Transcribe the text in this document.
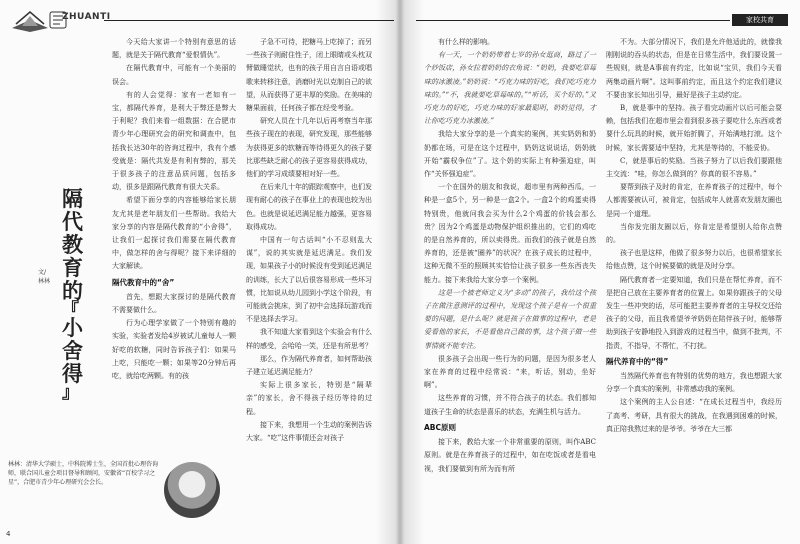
ZHUANTI

今天给大家讲一个特别有意思的话题，就是关于隔代教育“爱恨情仇”。

在隔代教育中，可能有一个美丽的误会。

有的人会觉得：家有一老如有一宝，都隔代养育，是利大于弊还是弊大于利呢？我们来看一组数据：在合肥市青少年心理研究会的研究和调查中，包括我长达30年的咨询过程中，我有个感受就是：隔代共发是有利有弊的，那关于很多孩子的注意品质问题，包括多动，很多是跟隔代教育有很大关系。

希望下面分享的内容能够给家长朋友尤其是老年朋友们一些帮助。我给大家分享的内容是隔代教育的“小舍得”，让我们一起探讨我们需要在隔代教育中，做怎样的舍与得呢？接下来详细的大家解读。

隔代教育中的“舍”

首先，想跟大家探讨的是隔代教育不需要做什么。

行为心理学家做了一个特别有趣的实验，实验者发给4岁被试儿童每人一颗好吃的软糖，同时告诉孩子们：如果马上吃，只能吃一颗；如果等20分钟后再吃，就给吃两颗。有的孩

子急不可待，把糖马上吃掉了；而另一些孩子则耐住性子，闭上眼睛或头枕双臂做睡觉状，也有的孩子用自言自语或唱歌来转移注意，消磨时光以克制自己的欲望，从而获得了更丰厚的奖励。在美味的糖果面前，任何孩子都在经受考验。

研究人员在十几年以后再考察当年那些孩子现在的表现，研究发现，那些能够为获得更多的软糖而等待得更久的孩子要比那些缺乏耐心的孩子更容易获得成功，他们的学习成绩要相对好一些。

在后来几十年的跟踪观察中，也们发现有耐心的孩子在事业上的表现也较为出色。也就是说延迟满足能力越强，更容易取得成功。

中国有一句古话叫“小不忍则乱大谋”，说的其实就是延迟满足。我们发现，如果孩子小的时候没有受到延迟满足的训练，长大了以后很容易形成一些坏习惯，比如说从幼儿园到小学这个阶段，有可能就会挑床，到了初中会选择玩游戏而不是选择去学习。

我不知道大家看到这个实验会有什么样的感受，会哈哈一笑，还是有所思考？

那么，作为隔代养育者，如何帮助孩子建立延迟满足能力？

实际上很多家长，特别是“隔辈亲”的家长，舍不得孩子经历等待的过程。

接下来，我想用一个生动的案例告诉大家。“吃”这件事情还会对孩子

隔
代
教
育
的
『
小
舍
得
』
文/林林
林林：清华大学硕士，中科院博士生，全国首批心理咨询师，联合国儿童会项目督导和顾问，安徽省“百校学习之星”，合肥市青少年心理研究会会长。
4
家校共育

有什么样的影响。

有一天，一个奶奶带着七岁的孙女逛商，路过了一个炒饭店，孙女拉着奶奶的衣角说：“奶奶，我要吃草莓味的冰激凌。”奶奶说：“巧克力味的好吃，我们吃巧克力味的。”“不，我就要吃草莓味的。”“听话，买个好的。”又巧克力的好吃，巧克力味的好家最聪明，奶奶觉得，才让你吃巧克力冰激凌。”

我给大家分享的是一个真实的案例，其实奶奶和奶奶都在场，可是在这个过程中，奶奶这说说话，奶奶就开始“霸权争位”了。这个奶的实际上有种强迫症，叫作“关怀强迫症”。

一个在国外的朋友和我说，超市里有两种西瓜，一种是一盒5个，另一种是一盒2个。一盒2个的鸡蛋卖得特别贵，他就问我会买为什么2个鸡蛋的价钱会那么贵？因为2个鸡蛋是动物保护组织推出的，它们的鸡吃的是自然养育的，所以卖得贵。而我们的孩子就是自然养育的，还是被“圈养”的状况？在孩子成长的过程中，这种无微不至的照顾其实恰恰让孩子很多一些东西丧失能力。接下来我给大家分享一个案例。

这是一个被老师定义为“多动”的孩子，我给这个孩子在做注意测评的过程中，发现这个孩子是有一个很重要的问题，是什么呢？就是孩子在做事的过程中，老是爱看他的家长，不是看他自己做的事，这个孩子做一些事情就不能专注。

很多孩子会出现一些行为的问题，是因为很多老人家在养育的过程中经常说：“来，听话，别动，坐好啊”。

这些养育的习惯，并不符合孩子的状态。我们都知道孩子生命的状态是喜乐的状态，充满生机与活力。

ABC原则

接下来，教给大家一个非常重要的原则，叫作ABC原则。就是在养育孩子的过程中，如在吃饭或者是看电视，我们要做到有所为而有所

不为。大部分情况下，我们是允许他适此的，就像我刚刚说的吞头的状态，但是在日常生活中，我们要设置一些规则，就是A事前有约定，比如说“宝贝，我们今天看两集动画片啊”。这叫事前约定，而且这个约定我们建议不要由家长知出引导，最好是孩子主动约定。

B，就是事中的坚持。孩子看完动画片以后可能会耍赖，包括我们在超市里会看到很多孩子要吃什么东西或者要什么玩具的时候，就开始折腾了，开始满地打滚。这个时候，家长需要适中坚持，尤其是等待的，不能妥协。

C，就是事后的奖励。当孩子努力了以后我们要跟他主交流：“哇，你怎么做到的？你真的很不容易。”

要帮到孩子及时的肯定，在养育孩子的过程中，每个人都需要被认可，被肯定，包括成年人就喜欢发朋友圈也是同一个道理。

当你发完朋友圈以后，你肯定是希望别人给你点赞的。

孩子也是这样，他做了很多努力以后，也很希望家长给他点赞，这个时候要做的就是及时分享。

隔代教育者一定要知道，我们只是在帮忙养育，而不是把自己放在主要养育者的位置上。如果你跟孩子的父母发生一些冲突的话，尽可能把主要养育者的主导权交还给孩子的父母，而且我希望爷爷奶奶在陪伴孩子时，能够帮助到孩子安静地投入到游戏的过程当中，做到不批判，不指责，不指导，不帮忙，不打扰。

隔代养育中的“得”

当然隔代养育也有特别的优势的地方，我也想跟大家分享一个真实的案例，非常感动我的案例。

这个案例的主人公自述：“在成长过程当中，我经历了高考、考研，具有很大的挑战，在我遇到困难的时候，真正陪我熬过来的是爷爷。爷爷在大三都
